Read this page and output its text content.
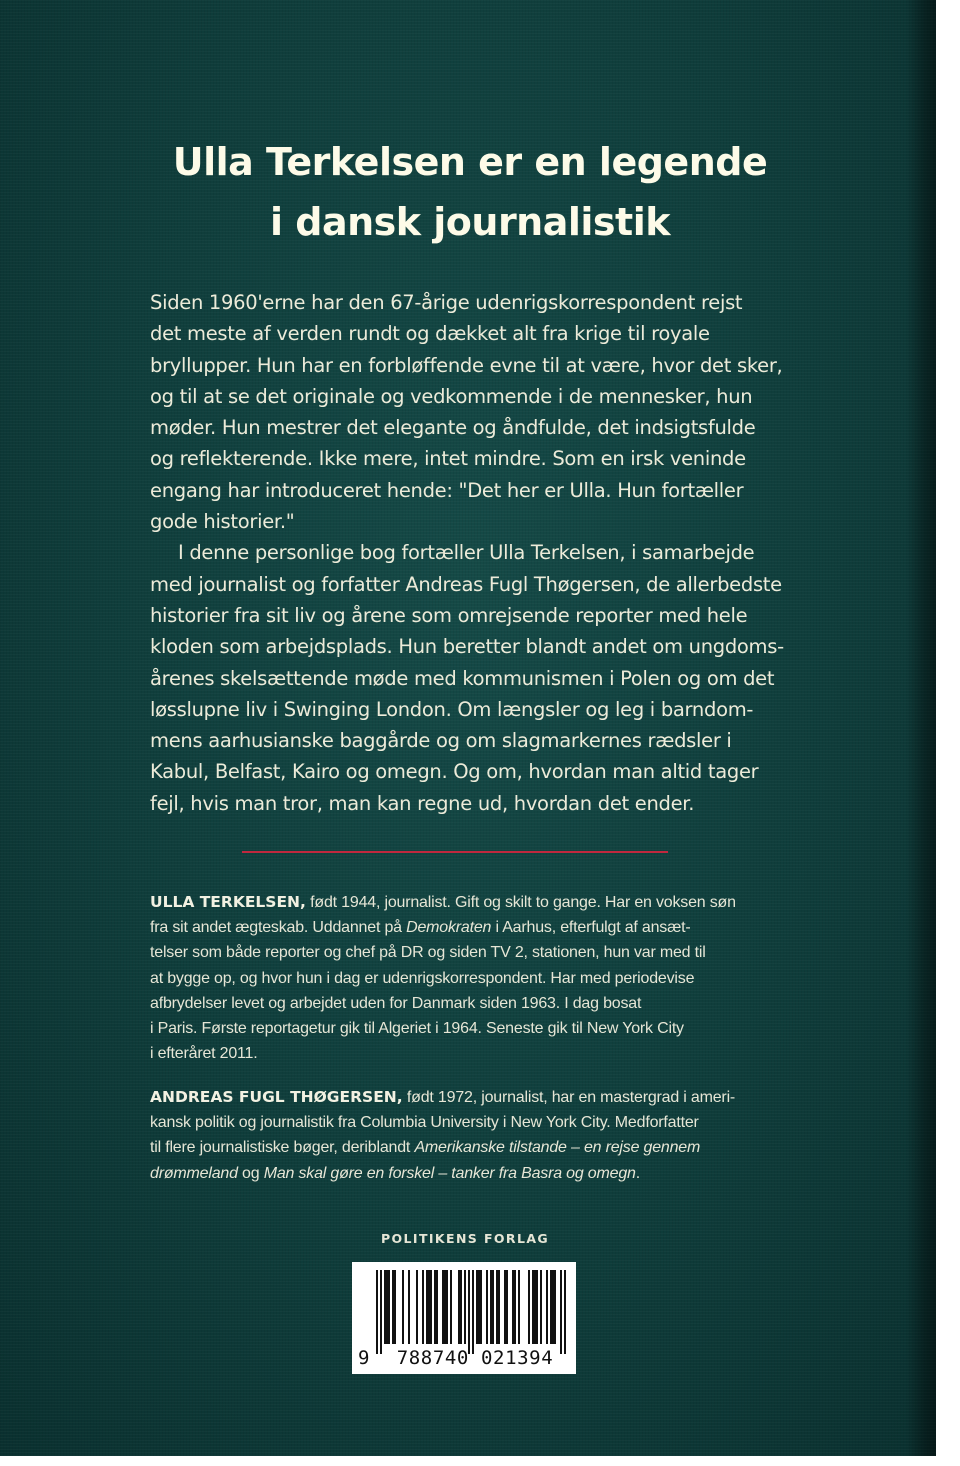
Ulla Terkelsen er en legende
i dansk journalistik

Siden 1960'erne har den 67-årige udenrigskorrespondent rejst
det meste af verden rundt og dækket alt fra krige til royale
bryllupper. Hun har en forbløffende evne til at være, hvor det sker,
og til at se det originale og vedkommende i de mennesker, hun
møder. Hun mestrer det elegante og åndfulde, det indsigtsfulde
og reflekterende. Ikke mere, intet mindre. Som en irsk veninde
engang har introduceret hende: "Det her er Ulla. Hun fortæller
gode historier."

I denne personlige bog fortæller Ulla Terkelsen, i samarbejde
med journalist og forfatter Andreas Fugl Thøgersen, de allerbedste
historier fra sit liv og årene som omrejsende reporter med hele
kloden som arbejdsplads. Hun beretter blandt andet om ungdoms-
årenes skelsættende møde med kommunismen i Polen og om det
løsslupne liv i Swinging London. Om længsler og leg i barndom-
mens aarhusianske baggårde og om slagmarkernes rædsler i
Kabul, Belfast, Kairo og omegn. Og om, hvordan man altid tager
fejl, hvis man tror, man kan regne ud, hvordan det ender.

ULLA TERKELSEN, født 1944, journalist. Gift og skilt to gange. Har en voksen søn
fra sit andet ægteskab. Uddannet på Demokraten i Aarhus, efterfulgt af ansæt-
telser som både reporter og chef på DR og siden TV 2, stationen, hun var med til
at bygge op, og hvor hun i dag er udenrigskorrespondent. Har med periodevise
afbrydelser levet og arbejdet uden for Danmark siden 1963. I dag bosat
i Paris. Første reportagetur gik til Algeriet i 1964. Seneste gik til New York City
i efteråret 2011.
ANDREAS FUGL THØGERSEN, født 1972, journalist, har en mastergrad i ameri-
kansk politik og journalistik fra Columbia University i New York City. Medforfatter
til flere journalistiske bøger, deriblandt Amerikanske tilstande – en rejse gennem
drømmeland og Man skal gøre en forskel – tanker fra Basra og omegn.
POLITIKENS FORLAG
9	788740 021394
